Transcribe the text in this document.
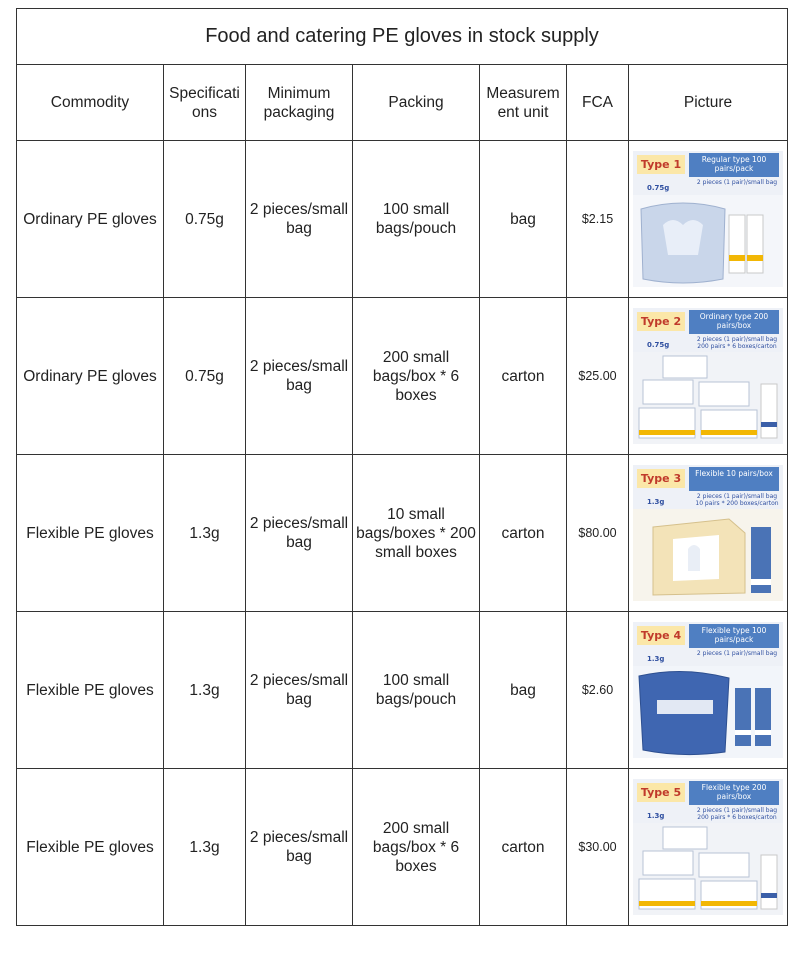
Food and catering PE gloves in stock supply						
Commodity	Specificati ons	Minimum packaging	Packing	Measurem ent unit	FCA	Picture
Ordinary PE gloves	0.75g	2 pieces/small bag	100 small bags/pouch	bag	$2.15	Type 1 Regular type 100 pairs/pack
0.75g
2 pieces (1 pair)/small bag

Ordinary PE gloves	0.75g	2 pieces/small bag	200 small bags/box * 6 boxes	carton	$25.00	Type 2 Ordinary type 200 pairs/box
0.75g
2 pieces (1 pair)/small bag 200 pairs * 6 boxes/carton

Flexible PE gloves	1.3g	2 pieces/small bag	10 small bags/boxes * 200 small boxes	carton	$80.00	Type 3 Flexible 10 pairs/box
1.3g
2 pieces (1 pair)/small bag 10 pairs * 200 boxes/carton

Flexible PE gloves	1.3g	2 pieces/small bag	100 small bags/pouch	bag	$2.60	Type 4 Flexible type 100 pairs/pack
1.3g
2 pieces (1 pair)/small bag

Flexible PE gloves	1.3g	2 pieces/small bag	200 small bags/box * 6 boxes	carton	$30.00	Type 5 Flexible type 200 pairs/box
1.3g
2 pieces (1 pair)/small bag 200 pairs * 6 boxes/carton
